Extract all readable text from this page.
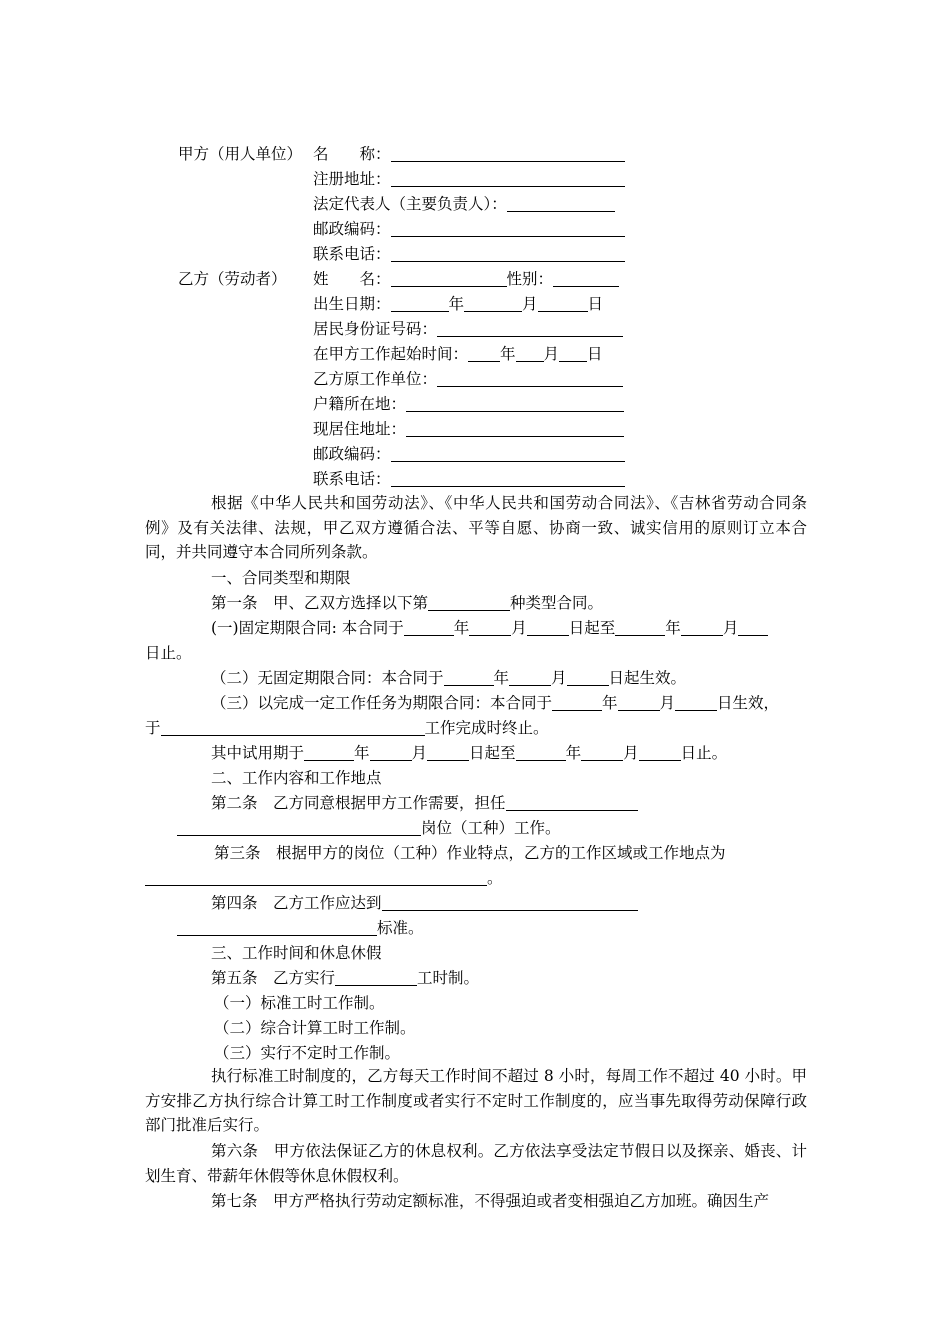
甲方（用人单位） 名　　称：
注册地址：
法定代表人（主要负责人）：
邮政编码：
联系电话：
乙方（劳动者） 姓　　名：	性别：
出生日期：	年	月	日
居民身份证号码：
在甲方工作起始时间： 年 月 日
乙方原工作单位：
户籍所在地：
现居住地址：
邮政编码：
联系电话：
根据《中华人民共和国劳动法》、《中华人民共和国劳动合同法》、《吉林省劳动合同条例》及有关法律、法规，甲乙双方遵循合法、平等自愿、协商一致、诚实信用的原则订立本合同，并共同遵守本合同所列条款。
一、合同类型和期限
第一条　甲、乙双方选择以下第	种类型合同。
(一)固定期限合同: 本合同于	年	月	日起至	年	月
日止。
（二）无固定期限合同：本合同于	年	月	日起生效。
（三）以完成一定工作任务为期限合同：本合同于	年	月	日生效，
于	工作完成时终止。
其中试用期于	年	月	日起至	年	月	日止。
二、工作内容和工作地点
第二条　乙方同意根据甲方工作需要，担任
岗位（工种）工作。
第三条　根据甲方的岗位（工种）作业特点，乙方的工作区域或工作地点为
。
第四条　乙方工作应达到
标准。
三、工作时间和休息休假
第五条　乙方实行	工时制。
（一）标准工时工作制。
（二）综合计算工时工作制。
（三）实行不定时工作制。
执行标准工时制度的，乙方每天工作时间不超过 8 小时，每周工作不超过 40 小时。甲方安排乙方执行综合计算工时工作制度或者实行不定时工作制度的，应当事先取得劳动保障行政部门批准后实行。
第六条　甲方依法保证乙方的休息权利。乙方依法享受法定节假日以及探亲、婚丧、计划生育、带薪年休假等休息休假权利。
第七条　甲方严格执行劳动定额标准，不得强迫或者变相强迫乙方加班。确因生产
